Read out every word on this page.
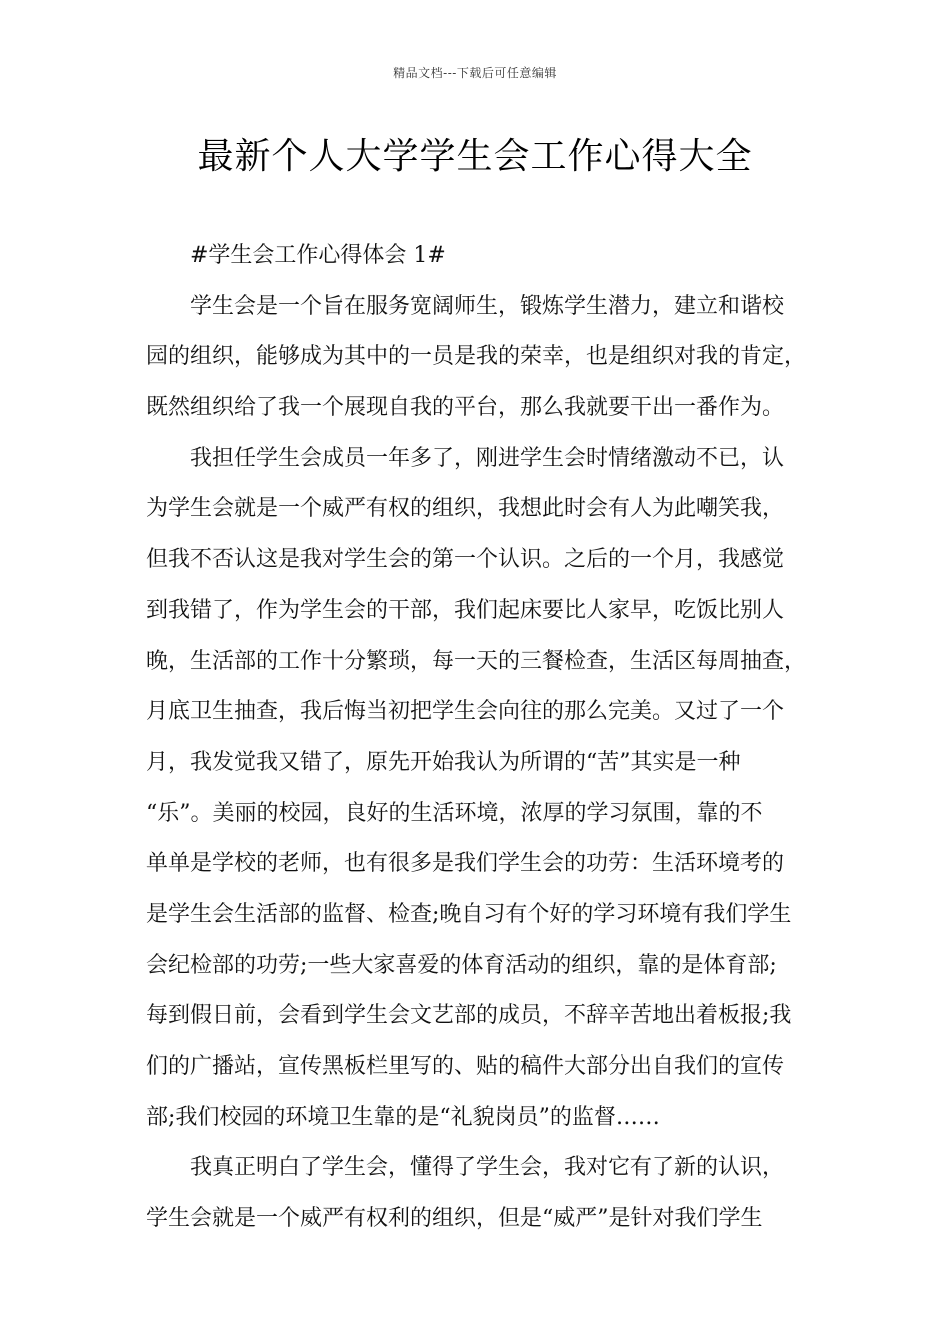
精品文档---下载后可任意编辑
最新个人大学学生会工作心得大全
#学生会工作心得体会 1#
学生会是一个旨在服务宽阔师生，锻炼学生潜力，建立和谐校
园的组织，能够成为其中的一员是我的荣幸，也是组织对我的肯定，
既然组织给了我一个展现自我的平台，那么我就要干出一番作为。
我担任学生会成员一年多了，刚进学生会时情绪激动不已，认
为学生会就是一个威严有权的组织，我想此时会有人为此嘲笑我，
但我不否认这是我对学生会的第一个认识。之后的一个月，我感觉
到我错了，作为学生会的干部，我们起床要比人家早，吃饭比别人
晚，生活部的工作十分繁琐，每一天的三餐检查，生活区每周抽查，
月底卫生抽查，我后悔当初把学生会向往的那么完美。又过了一个
月，我发觉我又错了，原先开始我认为所谓的“苦”其实是一种
“乐”。美丽的校园，良好的生活环境，浓厚的学习氛围，靠的不
单单是学校的老师，也有很多是我们学生会的功劳：生活环境考的
是学生会生活部的监督、检查;晚自习有个好的学习环境有我们学生
会纪检部的功劳;一些大家喜爱的体育活动的组织，靠的是体育部;
每到假日前，会看到学生会文艺部的成员，不辞辛苦地出着板报;我
们的广播站，宣传黑板栏里写的、贴的稿件大部分出自我们的宣传
部;我们校园的环境卫生靠的是“礼貌岗员”的监督……
我真正明白了学生会，懂得了学生会，我对它有了新的认识，
学生会就是一个威严有权利的组织，但是“威严”是针对我们学生
